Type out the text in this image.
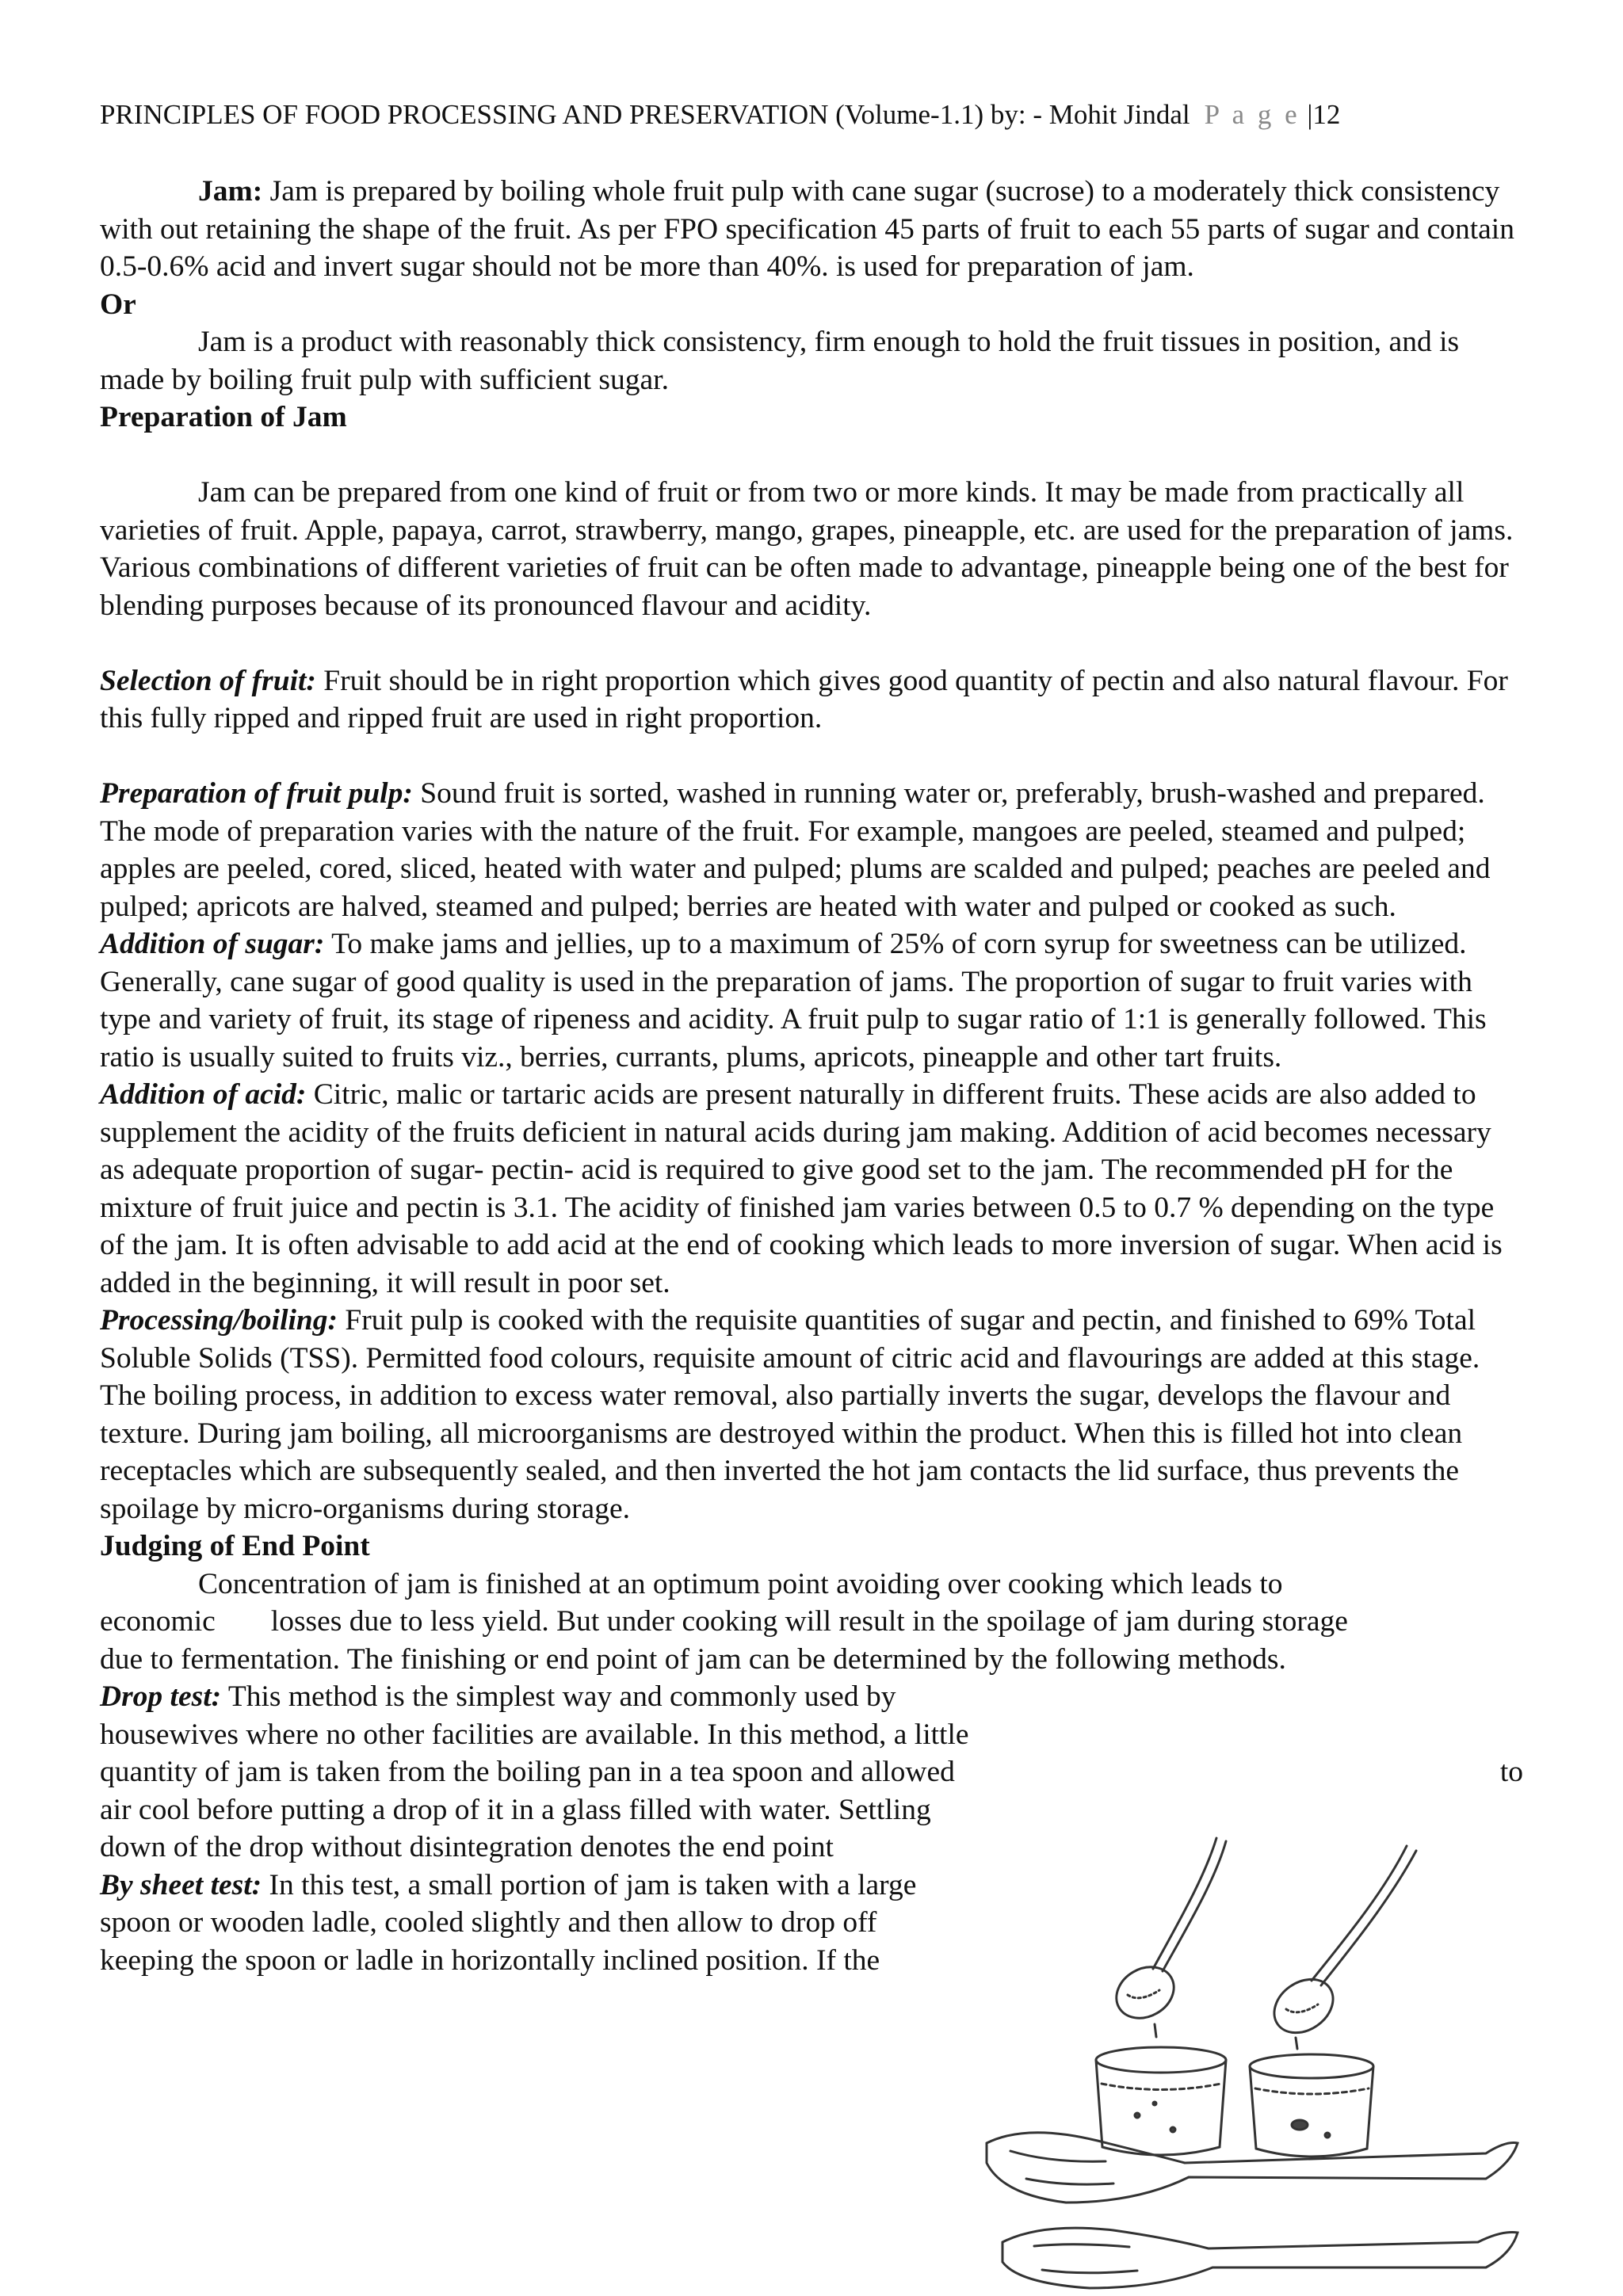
PRINCIPLES OF FOOD PROCESSING AND PRESERVATION (Volume-1.1) by: - Mohit Jindal P a g e |12

Jam: Jam is prepared by boiling whole fruit pulp with cane sugar (sucrose) to a moderately thick consistency with out retaining the shape of the fruit. As per FPO specification 45 parts of fruit to each 55 parts of sugar and contain 0.5-0.6% acid and invert sugar should not be more than 40%. is used for preparation of jam.

Or

Jam is a product with reasonably thick consistency, firm enough to hold the fruit tissues in position, and is made by boiling fruit pulp with sufficient sugar.

Preparation of Jam

Jam can be prepared from one kind of fruit or from two or more kinds. It may be made from practically all varieties of fruit. Apple, papaya, carrot, strawberry, mango, grapes, pineapple, etc. are used for the preparation of jams. Various combinations of different varieties of fruit can be often made to advantage, pineapple being one of the best for blending purposes because of its pronounced flavour and acidity.

Selection of fruit: Fruit should be in right proportion which gives good quantity of pectin and also natural flavour. For this fully ripped and ripped fruit are used in right proportion.

Preparation of fruit pulp: Sound fruit is sorted, washed in running water or, preferably, brush-washed and prepared. The mode of preparation varies with the nature of the fruit. For example, mangoes are peeled, steamed and pulped; apples are peeled, cored, sliced, heated with water and pulped; plums are scalded and pulped; peaches are peeled and pulped; apricots are halved, steamed and pulped; berries are heated with water and pulped or cooked as such.

Addition of sugar: To make jams and jellies, up to a maximum of 25% of corn syrup for sweetness can be utilized. Generally, cane sugar of good quality is used in the preparation of jams. The proportion of sugar to fruit varies with type and variety of fruit, its stage of ripeness and acidity. A fruit pulp to sugar ratio of 1:1 is generally followed. This ratio is usually suited to fruits viz., berries, currants, plums, apricots, pineapple and other tart fruits.

Addition of acid: Citric, malic or tartaric acids are present naturally in different fruits. These acids are also added to supplement the acidity of the fruits deficient in natural acids during jam making. Addition of acid becomes necessary as adequate proportion of sugar- pectin- acid is required to give good set to the jam. The recommended pH for the mixture of fruit juice and pectin is 3.1. The acidity of finished jam varies between 0.5 to 0.7 % depending on the type of the jam. It is often advisable to add acid at the end of cooking which leads to more inversion of sugar. When acid is added in the beginning, it will result in poor set.

Processing/boiling: Fruit pulp is cooked with the requisite quantities of sugar and pectin, and finished to 69% Total Soluble Solids (TSS). Permitted food colours, requisite amount of citric acid and flavourings are added at this stage. The boiling process, in addition to excess water removal, also partially inverts the sugar, develops the flavour and texture. During jam boiling, all microorganisms are destroyed within the product. When this is filled hot into clean receptacles which are subsequently sealed, and then inverted the hot jam contacts the lid surface, thus prevents the spoilage by micro-organisms during storage.

Judging of End Point

Concentration of jam is finished at an optimum point avoiding over cooking which leads to
economic losses due to less yield. But under cooking will result in the spoilage of jam during storage
due to fermentation. The finishing or end point of jam can be determined by the following methods.
Drop test: This method is the simplest way and commonly used by
housewives where no other facilities are available. In this method, a little
quantity of jam is taken from the boiling pan in a tea spoon and allowed	to
air cool before putting a drop of it in a glass filled with water. Settling
down of the drop without disintegration denotes the end point
By sheet test: In this test, a small portion of jam is taken with a large
spoon or wooden ladle, cooled slightly and then allow to drop off
keeping the spoon or ladle in horizontally inclined position. If the
